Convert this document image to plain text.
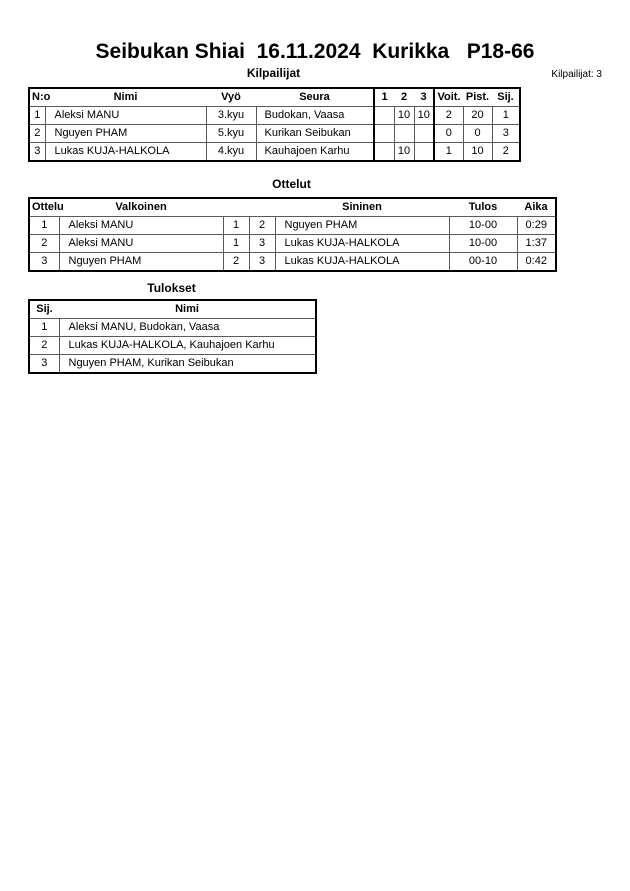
Seibukan Shiai  16.11.2024  Kurikka   P18-66
Kilpailijat	Kilpailijat: 3
N:o	Nimi	Vyö	Seura	1	2	3	Voit.	Pist.	Sij.
1	Aleksi MANU	3.kyu	Budokan, Vaasa		10	10	2	20	1
2	Nguyen PHAM	5.kyu	Kurikan Seibukan				0	0	3
3	Lukas KUJA-HALKOLA	4.kyu	Kauhajoen Karhu		10		1	10	2
Ottelut
Ottelu	Valkoinen			Sininen	Tulos	Aika
1	Aleksi MANU	1	2	Nguyen PHAM	10-00	0:29
2	Aleksi MANU	1	3	Lukas KUJA-HALKOLA	10-00	1:37
3	Nguyen PHAM	2	3	Lukas KUJA-HALKOLA	00-10	0:42
Tulokset
Sij.	Nimi
1	Aleksi MANU, Budokan, Vaasa
2	Lukas KUJA-HALKOLA, Kauhajoen Karhu
3	Nguyen PHAM, Kurikan Seibukan
